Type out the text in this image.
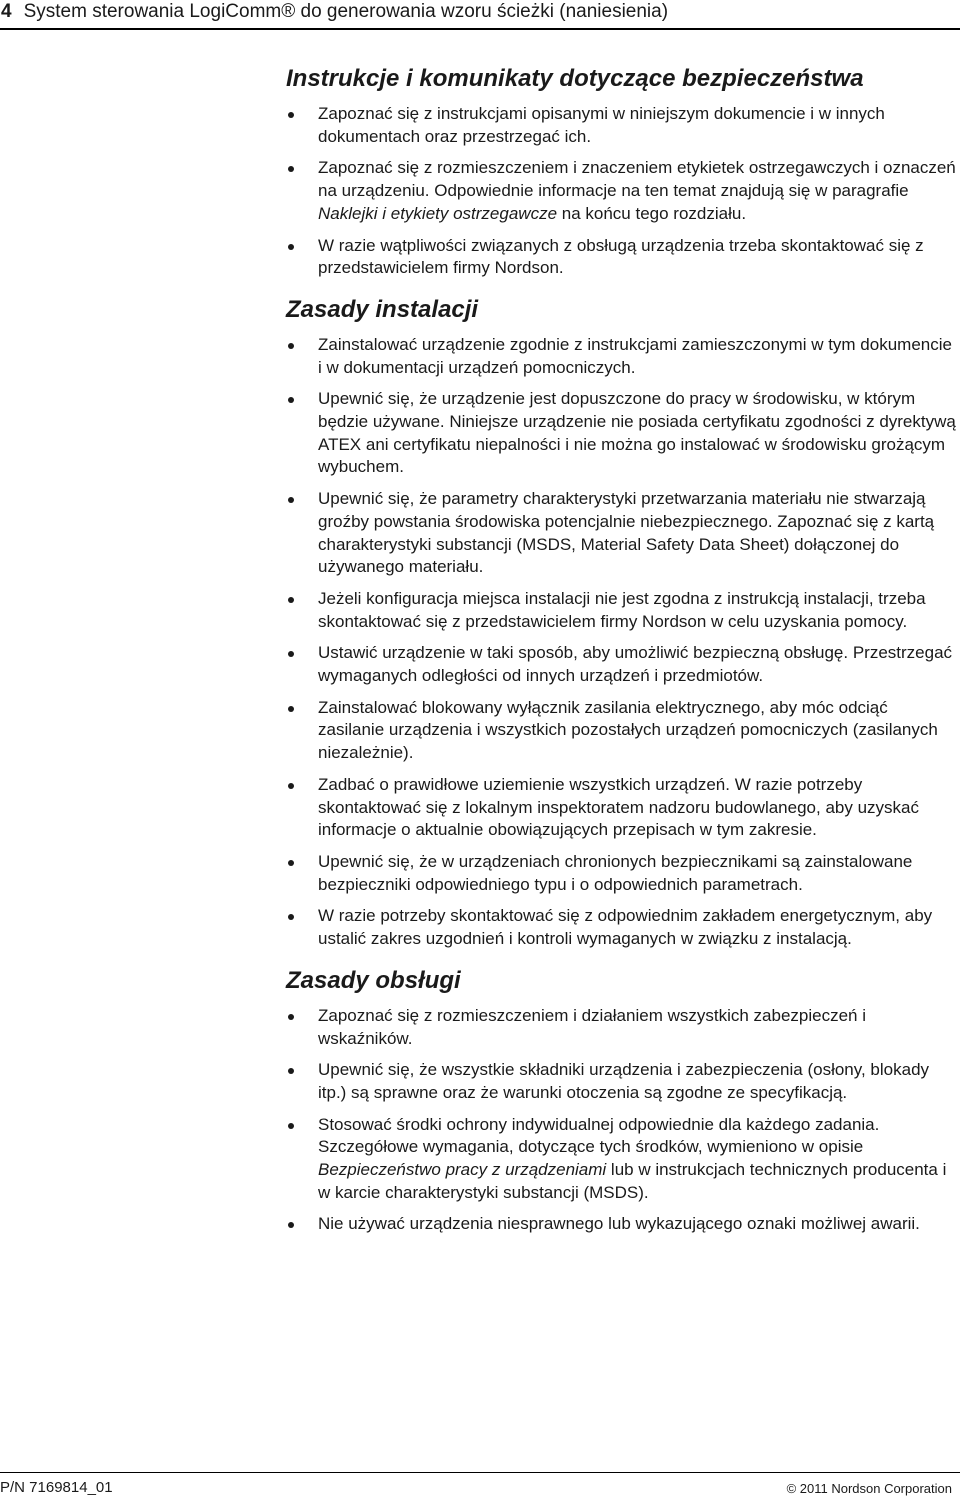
4 System sterowania LogiComm® do generowania wzoru ścieżki (naniesienia)
Instrukcje i komunikaty dotyczące bezpieczeństwa
Zapoznać się z instrukcjami opisanymi w niniejszym dokumencie i w innych dokumentach oraz przestrzegać ich.
Zapoznać się z rozmieszczeniem i znaczeniem etykietek ostrzegawczych i oznaczeń na urządzeniu. Odpowiednie informacje na ten temat znajdują się w paragrafie Naklejki i etykiety ostrzegawcze na końcu tego rozdziału.
W razie wątpliwości związanych z obsługą urządzenia trzeba skontaktować się z przedstawicielem firmy Nordson.
Zasady instalacji
Zainstalować urządzenie zgodnie z instrukcjami zamieszczonymi w tym dokumencie i w dokumentacji urządzeń pomocniczych.
Upewnić się, że urządzenie jest dopuszczone do pracy w środowisku, w którym będzie używane. Niniejsze urządzenie nie posiada certyfikatu zgodności z dyrektywą ATEX ani certyfikatu niepalności i nie można go instalować w środowisku grożącym wybuchem.
Upewnić się, że parametry charakterystyki przetwarzania materiału nie stwarzają groźby powstania środowiska potencjalnie niebezpiecznego. Zapoznać się z kartą charakterystyki substancji (MSDS, Material Safety Data Sheet) dołączonej do używanego materiału.
Jeżeli konfiguracja miejsca instalacji nie jest zgodna z instrukcją instalacji, trzeba skontaktować się z przedstawicielem firmy Nordson w celu uzyskania pomocy.
Ustawić urządzenie w taki sposób, aby umożliwić bezpieczną obsługę. Przestrzegać wymaganych odległości od innych urządzeń i przedmiotów.
Zainstalować blokowany wyłącznik zasilania elektrycznego, aby móc odciąć zasilanie urządzenia i wszystkich pozostałych urządzeń pomocniczych (zasilanych niezależnie).
Zadbać o prawidłowe uziemienie wszystkich urządzeń. W razie potrzeby skontaktować się z lokalnym inspektoratem nadzoru budowlanego, aby uzyskać informacje o aktualnie obowiązujących przepisach w tym zakresie.
Upewnić się, że w urządzeniach chronionych bezpiecznikami są zainstalowane bezpieczniki odpowiedniego typu i o odpowiednich parametrach.
W razie potrzeby skontaktować się z odpowiednim zakładem energetycznym, aby ustalić zakres uzgodnień i kontroli wymaganych w związku z instalacją.
Zasady obsługi
Zapoznać się z rozmieszczeniem i działaniem wszystkich zabezpieczeń i wskaźników.
Upewnić się, że wszystkie składniki urządzenia i zabezpieczenia (osłony, blokady itp.) są sprawne oraz że warunki otoczenia są zgodne ze specyfikacją.
Stosować środki ochrony indywidualnej odpowiednie dla każdego zadania. Szczegółowe wymagania, dotyczące tych środków, wymieniono w opisie Bezpieczeństwo pracy z urządzeniami lub w instrukcjach technicznych producenta i w karcie charakterystyki substancji (MSDS).
Nie używać urządzenia niesprawnego lub wykazującego oznaki możliwej awarii.
P/N 7169814_01	© 2011 Nordson Corporation
